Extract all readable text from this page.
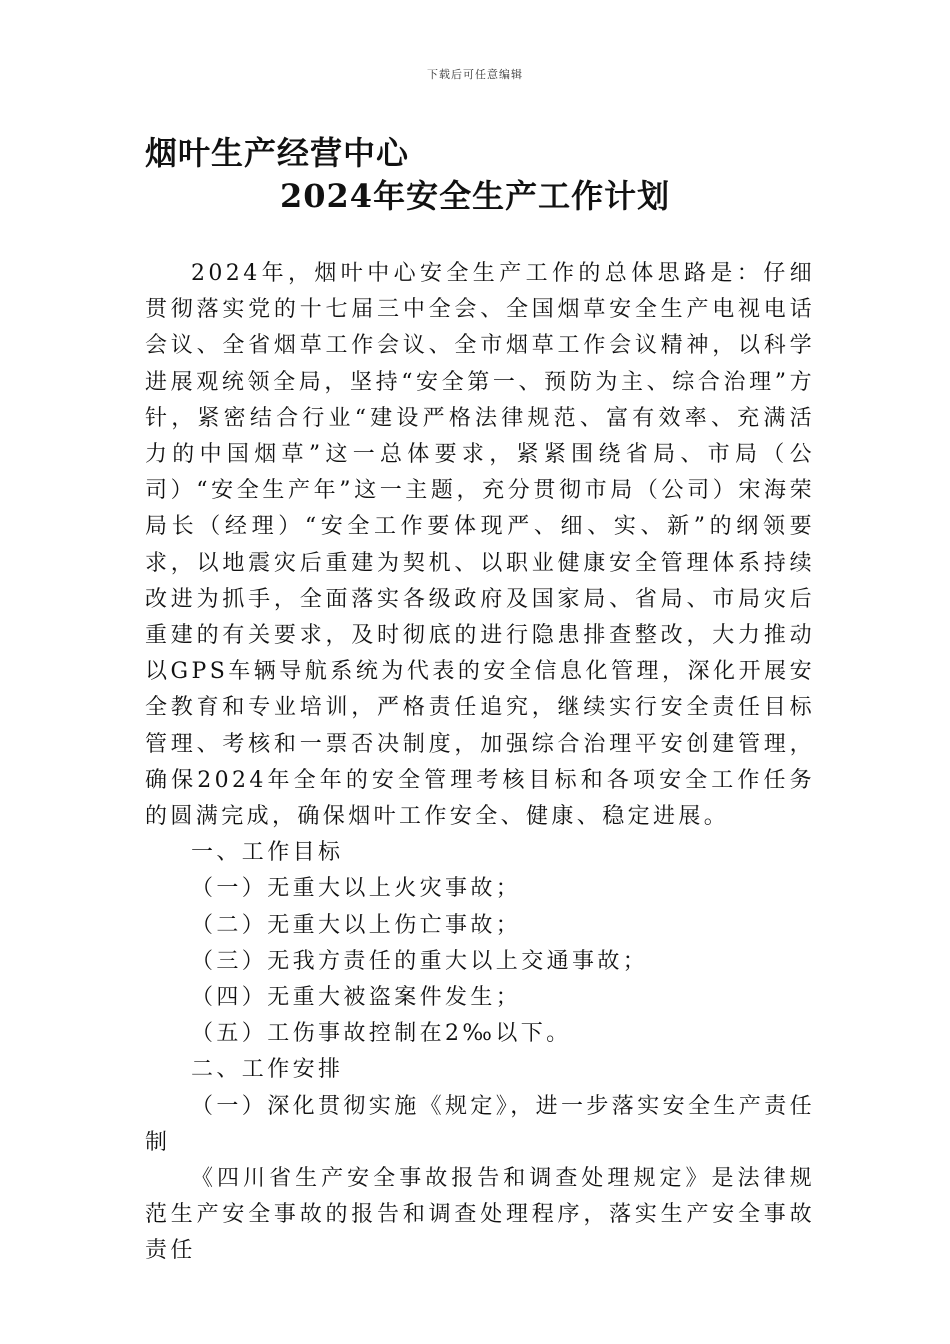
下载后可任意编辑
烟叶生产经营中心
2024年安全生产工作计划

2024年，烟叶中心安全生产工作的总体思路是：仔细贯彻落实党的十七届三中全会、全国烟草安全生产电视电话会议、全省烟草工作会议、全市烟草工作会议精神，以科学进展观统领全局，坚持“安全第一、预防为主、综合治理”方针，紧密结合行业“建设严格法律规范、富有效率、充满活力的中国烟草”这一总体要求，紧紧围绕省局、市局（公司）“安全生产年”这一主题，充分贯彻市局（公司）宋海荣局长（经理）“安全工作要体现严、细、实、新”的纲领要求，以地震灾后重建为契机、以职业健康安全管理体系持续改进为抓手，全面落实各级政府及国家局、省局、市局灾后重建的有关要求，及时彻底的进行隐患排查整改，大力推动以GPS车辆导航系统为代表的安全信息化管理，深化开展安全教育和专业培训，严格责任追究，继续实行安全责任目标管理、考核和一票否决制度，加强综合治理平安创建管理，确保2024年全年的安全管理考核目标和各项安全工作任务的圆满完成，确保烟叶工作安全、健康、稳定进展。

一、工作目标

（一）无重大以上火灾事故；

（二）无重大以上伤亡事故；

（三）无我方责任的重大以上交通事故；

（四）无重大被盗案件发生；

（五）工伤事故控制在2‰以下。

二、工作安排

（一）深化贯彻实施《规定》，进一步落实安全生产责任制

《四川省生产安全事故报告和调查处理规定》是法律规范生产安全事故的报告和调查处理程序，落实生产安全事故责任
